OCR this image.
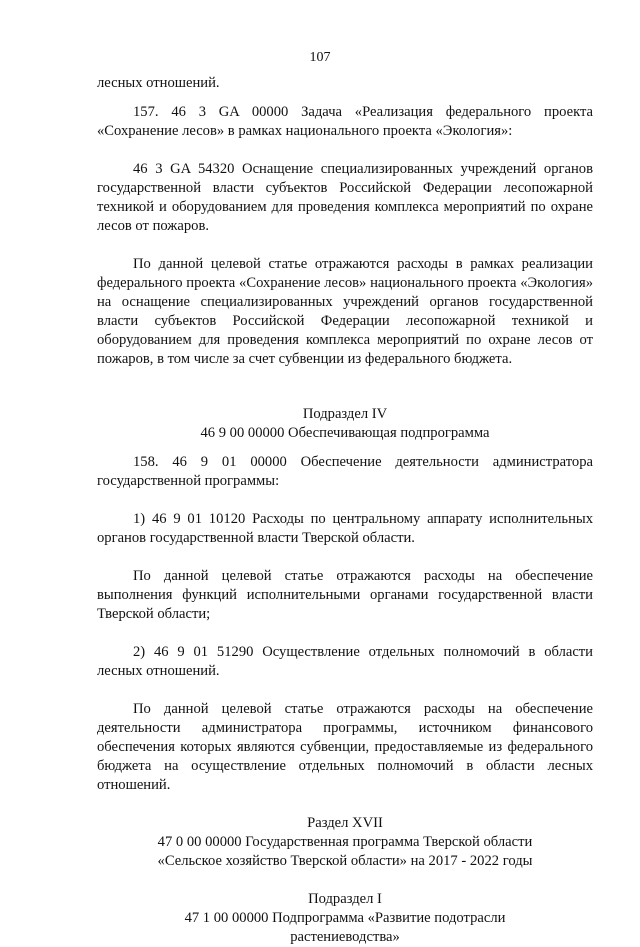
107

лесных отношений.

157. 46 3 GA 00000 Задача «Реализация федерального проекта «Сохранение лесов» в рамках национального проекта «Экология»:

46 3 GA 54320 Оснащение специализированных учреждений органов государственной власти субъектов Российской Федерации лесопожарной техникой и оборудованием для проведения комплекса мероприятий по охране лесов от пожаров.

По данной целевой статье отражаются расходы в рамках реализации федерального проекта «Сохранение лесов» национального проекта «Экология» на оснащение специализированных учреждений органов государственной власти субъектов Российской Федерации лесопожарной техникой и оборудованием для проведения комплекса мероприятий по охране лесов от пожаров, в том числе за счет субвенции из федерального бюджета.

Подраздел IV
46 9 00 00000 Обеспечивающая подпрограмма

158. 46 9 01 00000 Обеспечение деятельности администратора государственной программы:

1) 46 9 01 10120 Расходы по центральному аппарату исполнительных органов государственной власти Тверской области.

По данной целевой статье отражаются расходы на обеспечение выполнения функций исполнительными органами государственной власти Тверской области;

2) 46 9 01 51290 Осуществление отдельных полномочий в области лесных отношений.

По данной целевой статье отражаются расходы на обеспечение деятельности администратора программы, источником финансового обеспечения которых являются субвенции, предоставляемые из федерального бюджета на осуществление отдельных полномочий в области лесных отношений.

Раздел XVII
47 0 00 00000 Государственная программа Тверской области
«Сельское хозяйство Тверской области» на 2017 - 2022 годы
Подраздел I
47 1 00 00000 Подпрограмма «Развитие подотрасли
растениеводства»
